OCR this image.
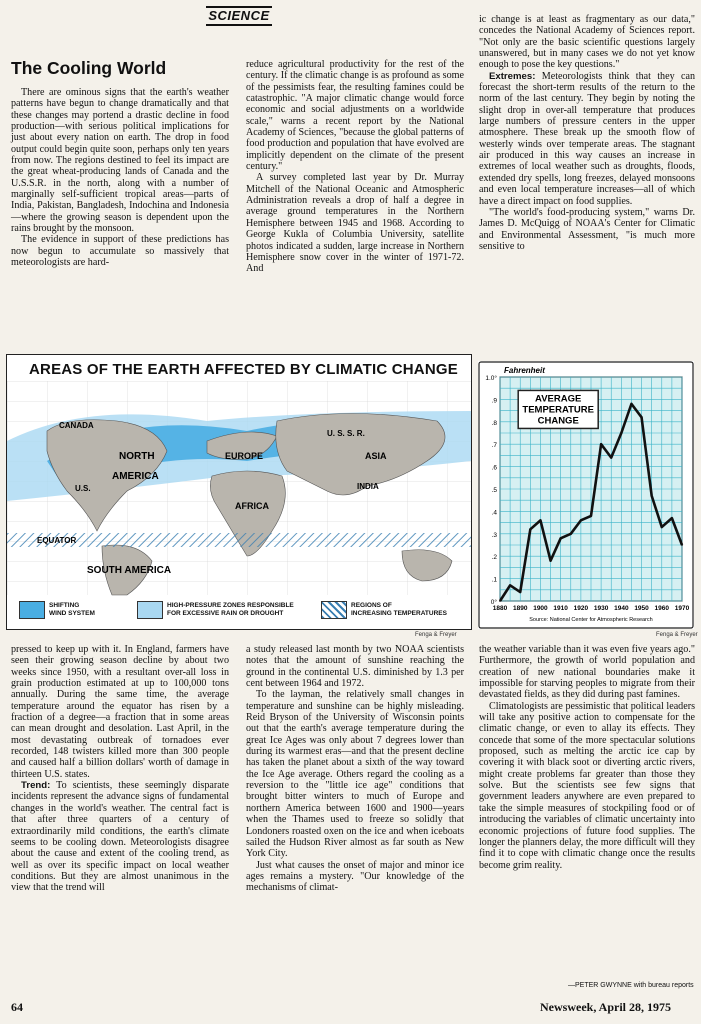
SCIENCE
The Cooling World

There are ominous signs that the earth's weather patterns have begun to change dramatically and that these changes may portend a drastic decline in food production—with serious political implications for just about every nation on earth. The drop in food output could begin quite soon, perhaps only ten years from now. The regions destined to feel its impact are the great wheat-producing lands of Canada and the U.S.S.R. in the north, along with a number of marginally self-sufficient tropical areas—parts of India, Pakistan, Bangladesh, Indochina and Indonesia—where the growing season is dependent upon the rains brought by the monsoon.

The evidence in support of these predictions has now begun to accumulate so massively that meteorologists are hard-

reduce agricultural productivity for the rest of the century. If the climatic change is as profound as some of the pessimists fear, the resulting famines could be catastrophic. "A major climatic change would force economic and social adjustments on a worldwide scale," warns a recent report by the National Academy of Sciences, "because the global patterns of food production and population that have evolved are implicitly dependent on the climate of the present century."

A survey completed last year by Dr. Murray Mitchell of the National Oceanic and Atmospheric Administration reveals a drop of half a degree in average ground temperatures in the Northern Hemisphere between 1945 and 1968. According to George Kukla of Columbia University, satellite photos indicated a sudden, large increase in Northern Hemisphere snow cover in the winter of 1971-72. And

ic change is at least as fragmentary as our data," concedes the National Academy of Sciences report. "Not only are the basic scientific questions largely unanswered, but in many cases we do not yet know enough to pose the key questions."

Extremes: Meteorologists think that they can forecast the short-term results of the return to the norm of the last century. They begin by noting the slight drop in over-all temperature that produces large numbers of pressure centers in the upper atmosphere. These break up the smooth flow of westerly winds over temperate areas. The stagnant air produced in this way causes an increase in extremes of local weather such as droughts, floods, extended dry spells, long freezes, delayed monsoons and even local temperature increases—all of which have a direct impact on food supplies.

"The world's food-producing system," warns Dr. James D. McQuigg of NOAA's Center for Climatic and Environmental Assessment, "is much more sensitive to

AREAS OF THE EARTH AFFECTED BY CLIMATIC CHANGE
CANADA
U.S.
NORTH
AMERICA
U. S. S. R.
EUROPE	ASIA
INDIA
AFRICA
EQUATOR
SOUTH AMERICA
SHIFTING
WIND SYSTEM
HIGH-PRESSURE ZONES RESPONSIBLE
FOR EXCESSIVE RAIN OR DROUGHT
REGIONS OF
INCREASING TEMPERATURES
Fenga & Freyer
0°
.1
.2
.3
.4
.5
.6
.7
.8
.9
1.0°
1880 1890 1900 1910 1920 1930 1940 1950 1960 1970
Fahrenheit
AVERAGE
TEMPERATURE
CHANGE
Source: National Center for Atmospheric Research
Fenga & Freyer

pressed to keep up with it. In England, farmers have seen their growing season decline by about two weeks since 1950, with a resultant over-all loss in grain production estimated at up to 100,000 tons annually. During the same time, the average temperature around the equator has risen by a fraction of a degree—a fraction that in some areas can mean drought and desolation. Last April, in the most devastating outbreak of tornadoes ever recorded, 148 twisters killed more than 300 people and caused half a billion dollars' worth of damage in thirteen U.S. states.

Trend: To scientists, these seemingly disparate incidents represent the advance signs of fundamental changes in the world's weather. The central fact is that after three quarters of a century of extraordinarily mild conditions, the earth's climate seems to be cooling down. Meteorologists disagree about the cause and extent of the cooling trend, as well as over its specific impact on local weather conditions. But they are almost unanimous in the view that the trend will

a study released last month by two NOAA scientists notes that the amount of sunshine reaching the ground in the continental U.S. diminished by 1.3 per cent between 1964 and 1972.

To the layman, the relatively small changes in temperature and sunshine can be highly misleading. Reid Bryson of the University of Wisconsin points out that the earth's average temperature during the great Ice Ages was only about 7 degrees lower than during its warmest eras—and that the present decline has taken the planet about a sixth of the way toward the Ice Age average. Others regard the cooling as a reversion to the "little ice age" conditions that brought bitter winters to much of Europe and northern America between 1600 and 1900—years when the Thames used to freeze so solidly that Londoners roasted oxen on the ice and when iceboats sailed the Hudson River almost as far south as New York City.

Just what causes the onset of major and minor ice ages remains a mystery. "Our knowledge of the mechanisms of climat-

the weather variable than it was even five years ago." Furthermore, the growth of world population and creation of new national boundaries make it impossible for starving peoples to migrate from their devastated fields, as they did during past famines.

Climatologists are pessimistic that political leaders will take any positive action to compensate for the climatic change, or even to allay its effects. They concede that some of the more spectacular solutions proposed, such as melting the arctic ice cap by covering it with black soot or diverting arctic rivers, might create problems far greater than those they solve. But the scientists see few signs that government leaders anywhere are even prepared to take the simple measures of stockpiling food or of introducing the variables of climatic uncertainty into economic projections of future food supplies. The longer the planners delay, the more difficult will they find it to cope with climatic change once the results become grim reality.

—PETER GWYNNE with bureau reports
64	Newsweek, April 28, 1975
